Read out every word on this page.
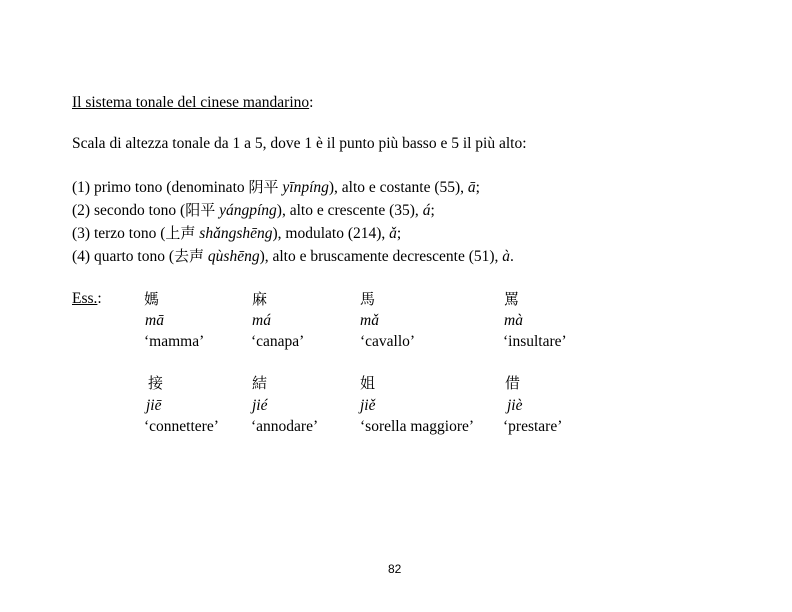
Il sistema tonale del cinese mandarino:
Scala di altezza tonale da 1 a 5, dove 1 è il punto più basso e 5 il più alto:
(1) primo tono (denominato 阴平 yīnpíng), alto e costante (55), ā;
(2) secondo tono (阳平 yángpíng), alto e crescente (35), á;
(3) terzo tono (上声 shǎngshēng), modulato (214), ǎ;
(4) quarto tono (去声 qùshēng), alto e bruscamente decrescente (51), à.
Ess.:	媽
mā
‘mamma’
麻
má
‘canapa’
馬
mǎ
‘cavallo’
罵
mà
‘insultare’
接
jiē
‘connettere’
結
jié
‘annodare’
姐
jiě
‘sorella maggiore’
借
jiè
‘prestare’
82
